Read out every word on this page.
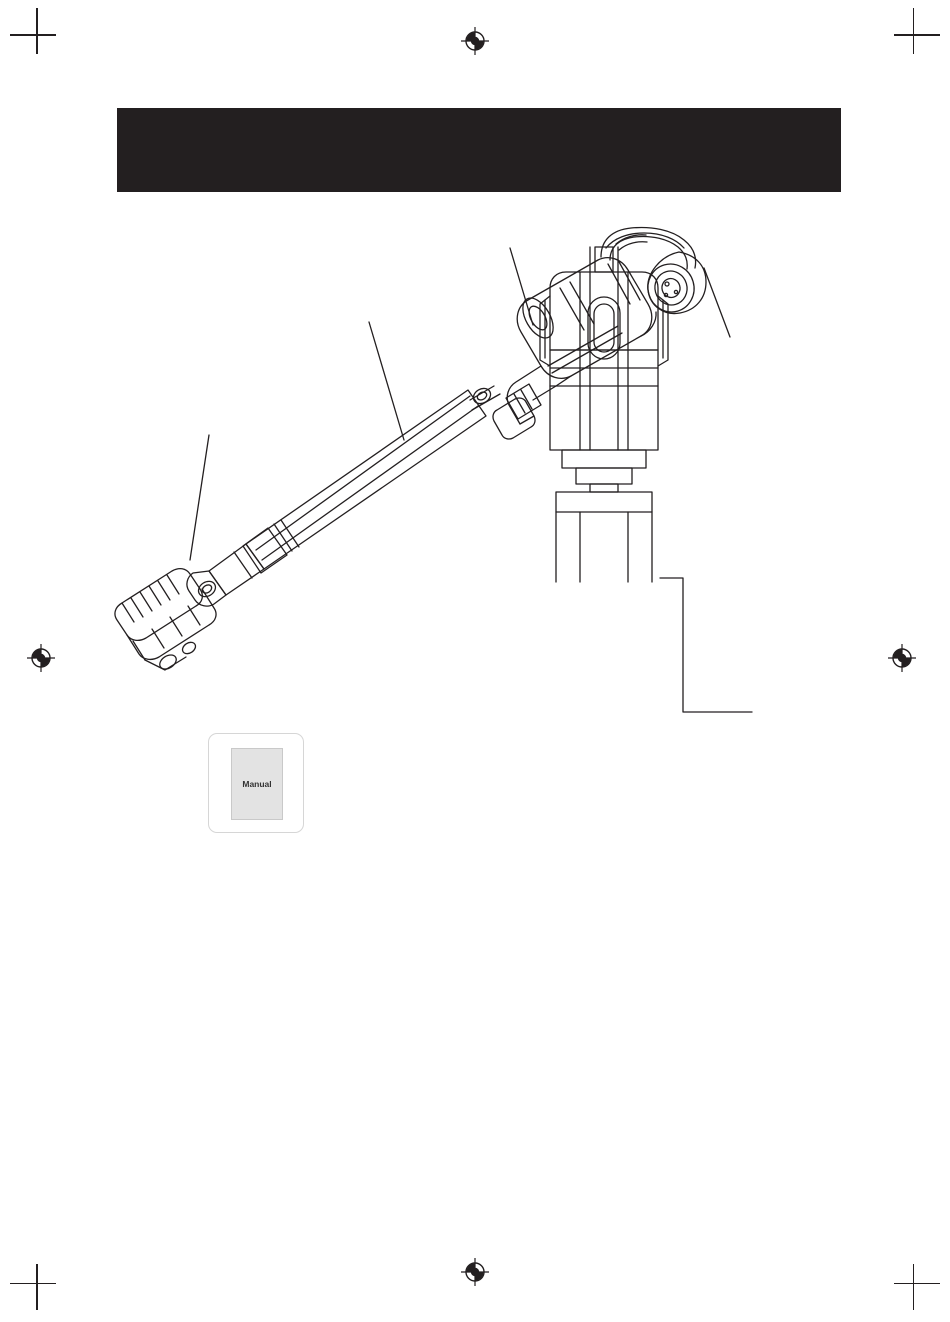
Manual
